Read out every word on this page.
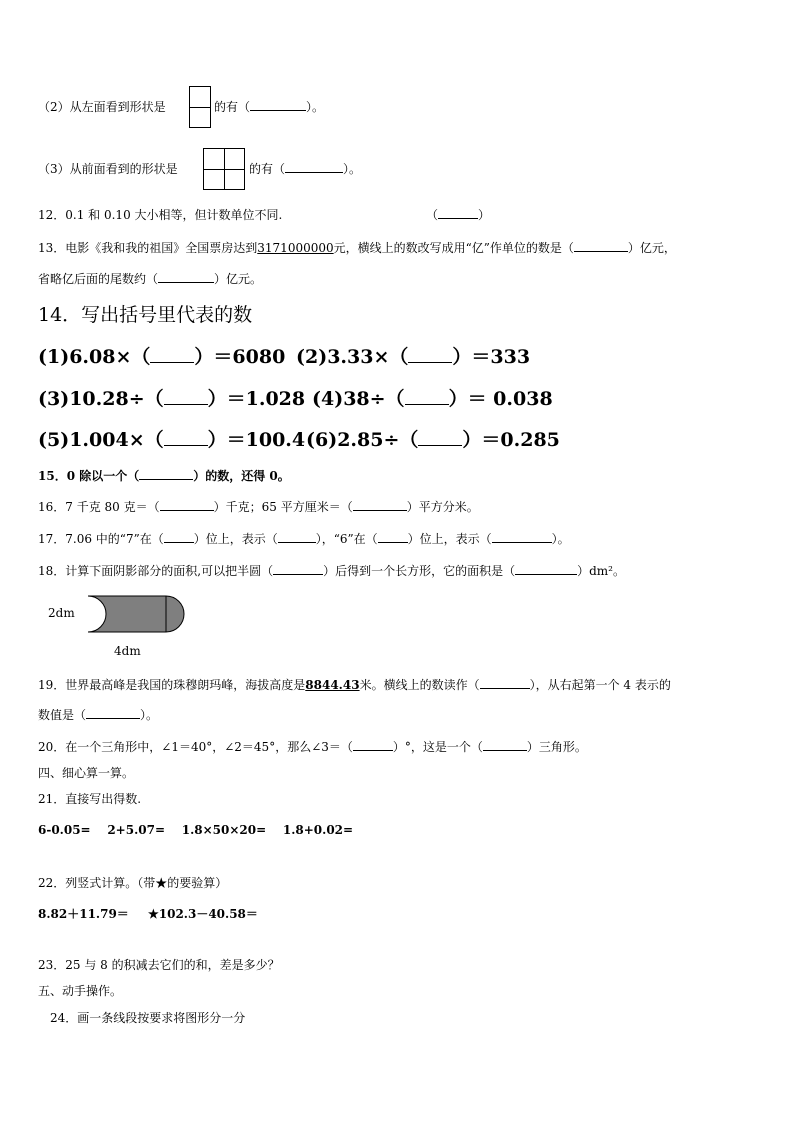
（2）从左面看到形状是	的有（	）。
（3）从前面看到的形状是	的有（	）。
12．0.1 和 0.10 大小相等，但计数单位不同.	（	）
13．电影《我和我的祖国》全国票房达到3171000000元，横线上的数改写成用“亿”作单位的数是（	）亿元，
省略亿后面的尾数约（	）亿元。
14．写出括号里代表的数
(1)6.08×（ ）＝6080 (2)3.33×（ ）＝333
(3)10.28÷（ ）＝1.028 (4)38÷（ ）＝ 0.038
(5)1.004×（ ）＝100.4 (6)2.85÷（ ）＝0.285
15．0 除以一个（	）的数，还得 0。
16．7 千克 80 克＝（	）千克；65 平方厘米＝（	）平方分米。
17．7.06 中的“7”在（	）位上，表示（	），“6”在（	）位上，表示（	）。
18．计算下面阴影部分的面积,可以把半圆（	）后得到一个长方形，它的面积是（	）dm²。
2dm
4dm
19．世界最高峰是我国的珠穆朗玛峰，海拔高度是8844.43米。横线上的数读作（	），从右起第一个 4 表示的
数值是（	）。
20．在一个三角形中，∠1＝40°，∠2＝45°，那么∠3＝（	）°，这是一个（	）三角形。
四、细心算一算。
21．直接写出得数.
6-0.05=    2+5.07=    1.8×50×20=    1.8+0.02=
22．列竖式计算。（带★的要验算）
8.82＋11.79＝ ★102.3－40.58＝
23．25 与 8 的积减去它们的和，差是多少？
五、动手操作。
24．画一条线段按要求将图形分一分
